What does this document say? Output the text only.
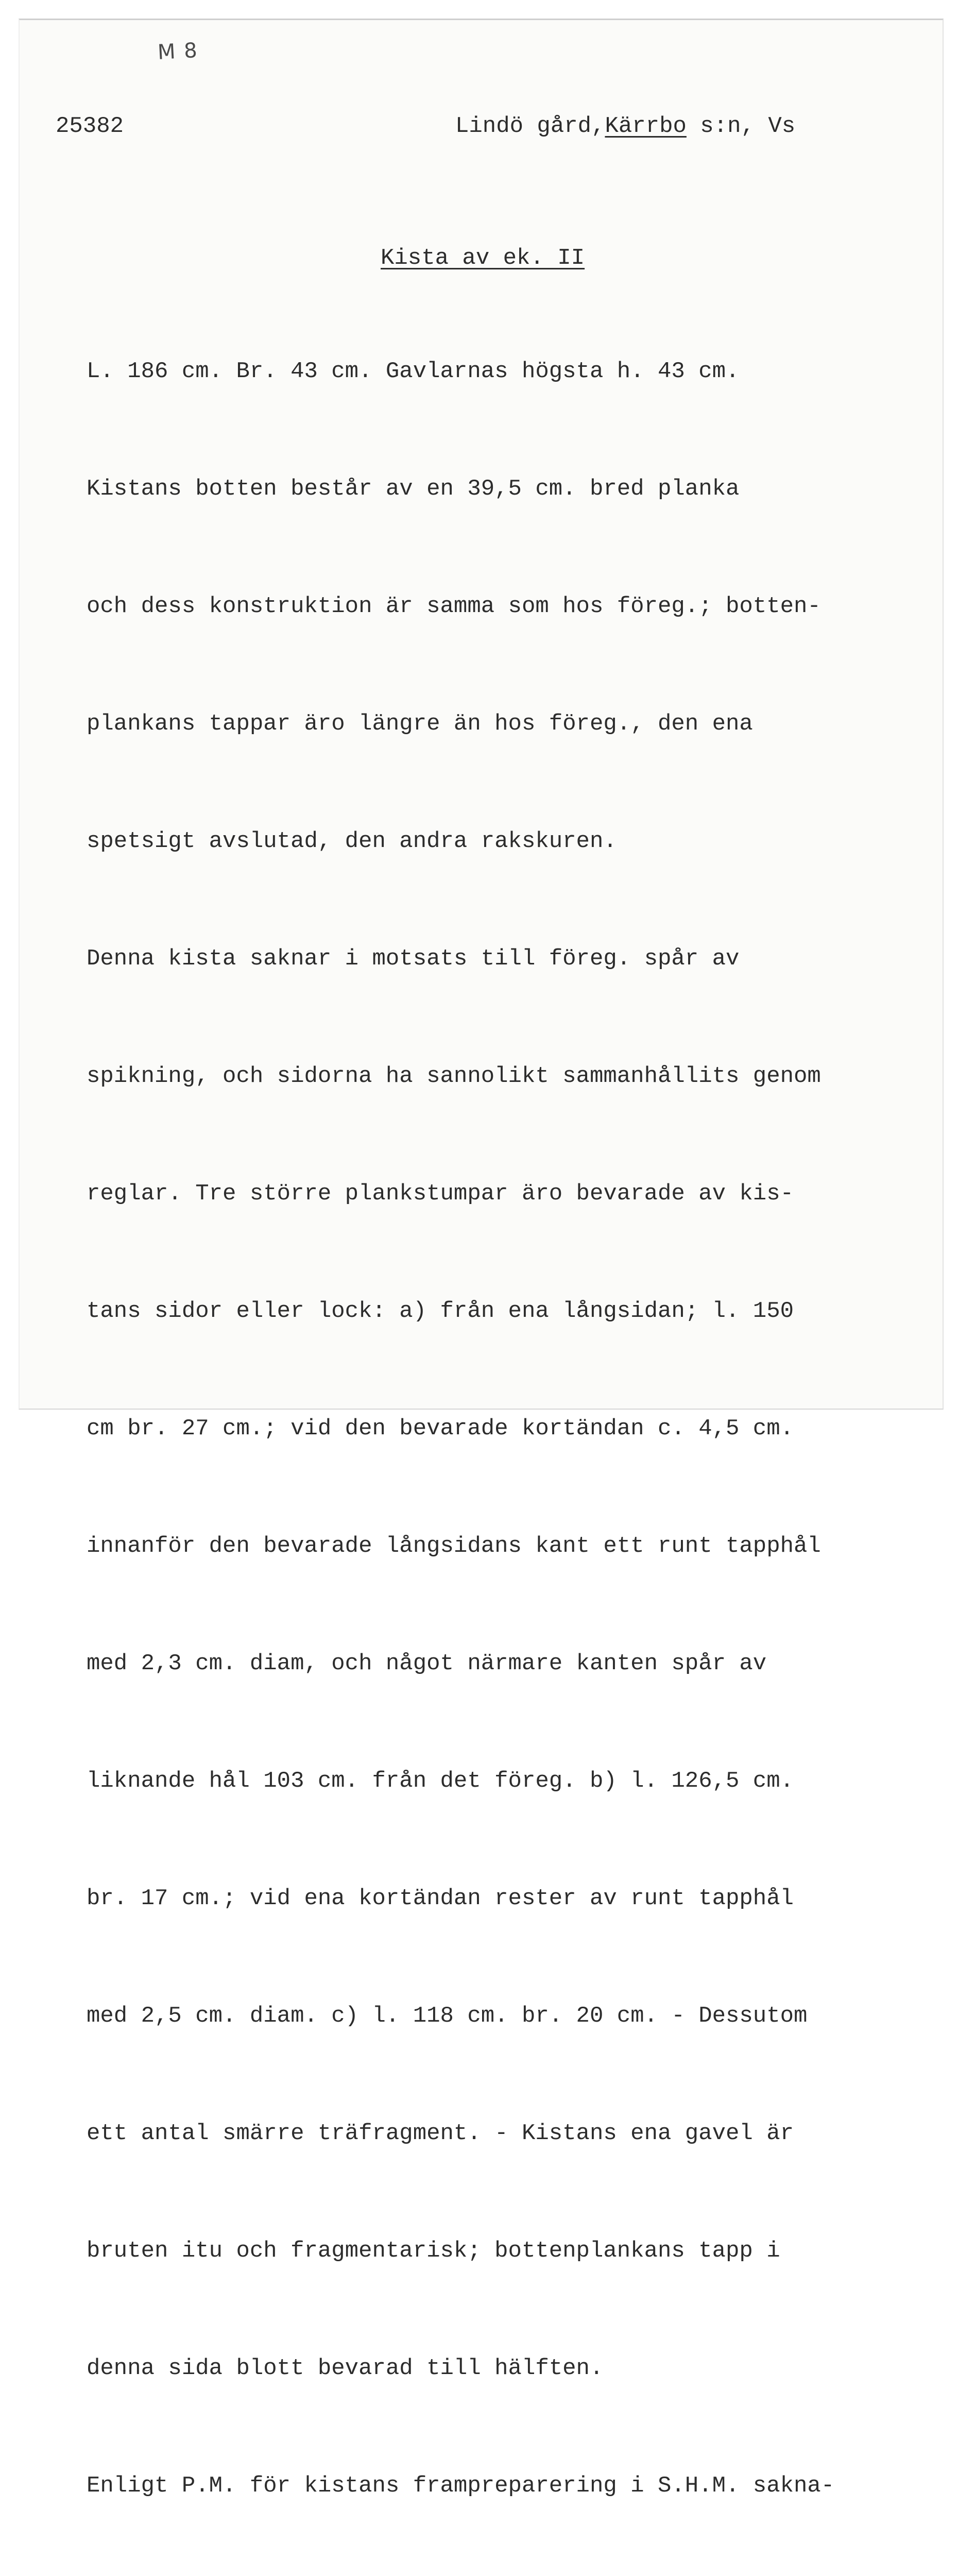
M 8
25382	Lindö gård,Kärrbo s:n, Vs
Kista av ek. II

L. 186 cm. Br. 43 cm. Gavlarnas högsta h. 43 cm.

Kistans botten består av en 39,5 cm. bred planka

och dess konstruktion är samma som hos föreg.; botten-

plankans tappar äro längre än hos föreg., den ena

spetsigt avslutad, den andra rakskuren.

Denna kista saknar i motsats till föreg. spår av

spikning, och sidorna ha sannolikt sammanhållits genom

reglar. Tre större plankstumpar äro bevarade av kis-

tans sidor eller lock: a) från ena långsidan; l. 150

cm br. 27 cm.; vid den bevarade kortändan c. 4,5 cm.

innanför den bevarade långsidans kant ett runt tapphål

med 2,3 cm. diam, och något närmare kanten spår av

liknande hål 103 cm. från det föreg. b) l. 126,5 cm.

br. 17 cm.; vid ena kortändan rester av runt tapphål

med 2,5 cm. diam. c) l. 118 cm. br. 20 cm. - Dessutom

ett antal smärre träfragment. - Kistans ena gavel är

bruten itu och fragmentarisk; bottenplankans tapp i

denna sida blott bevarad till hälften.

Enligt P.M. för kistans frampreparering i S.H.M. sakna-
